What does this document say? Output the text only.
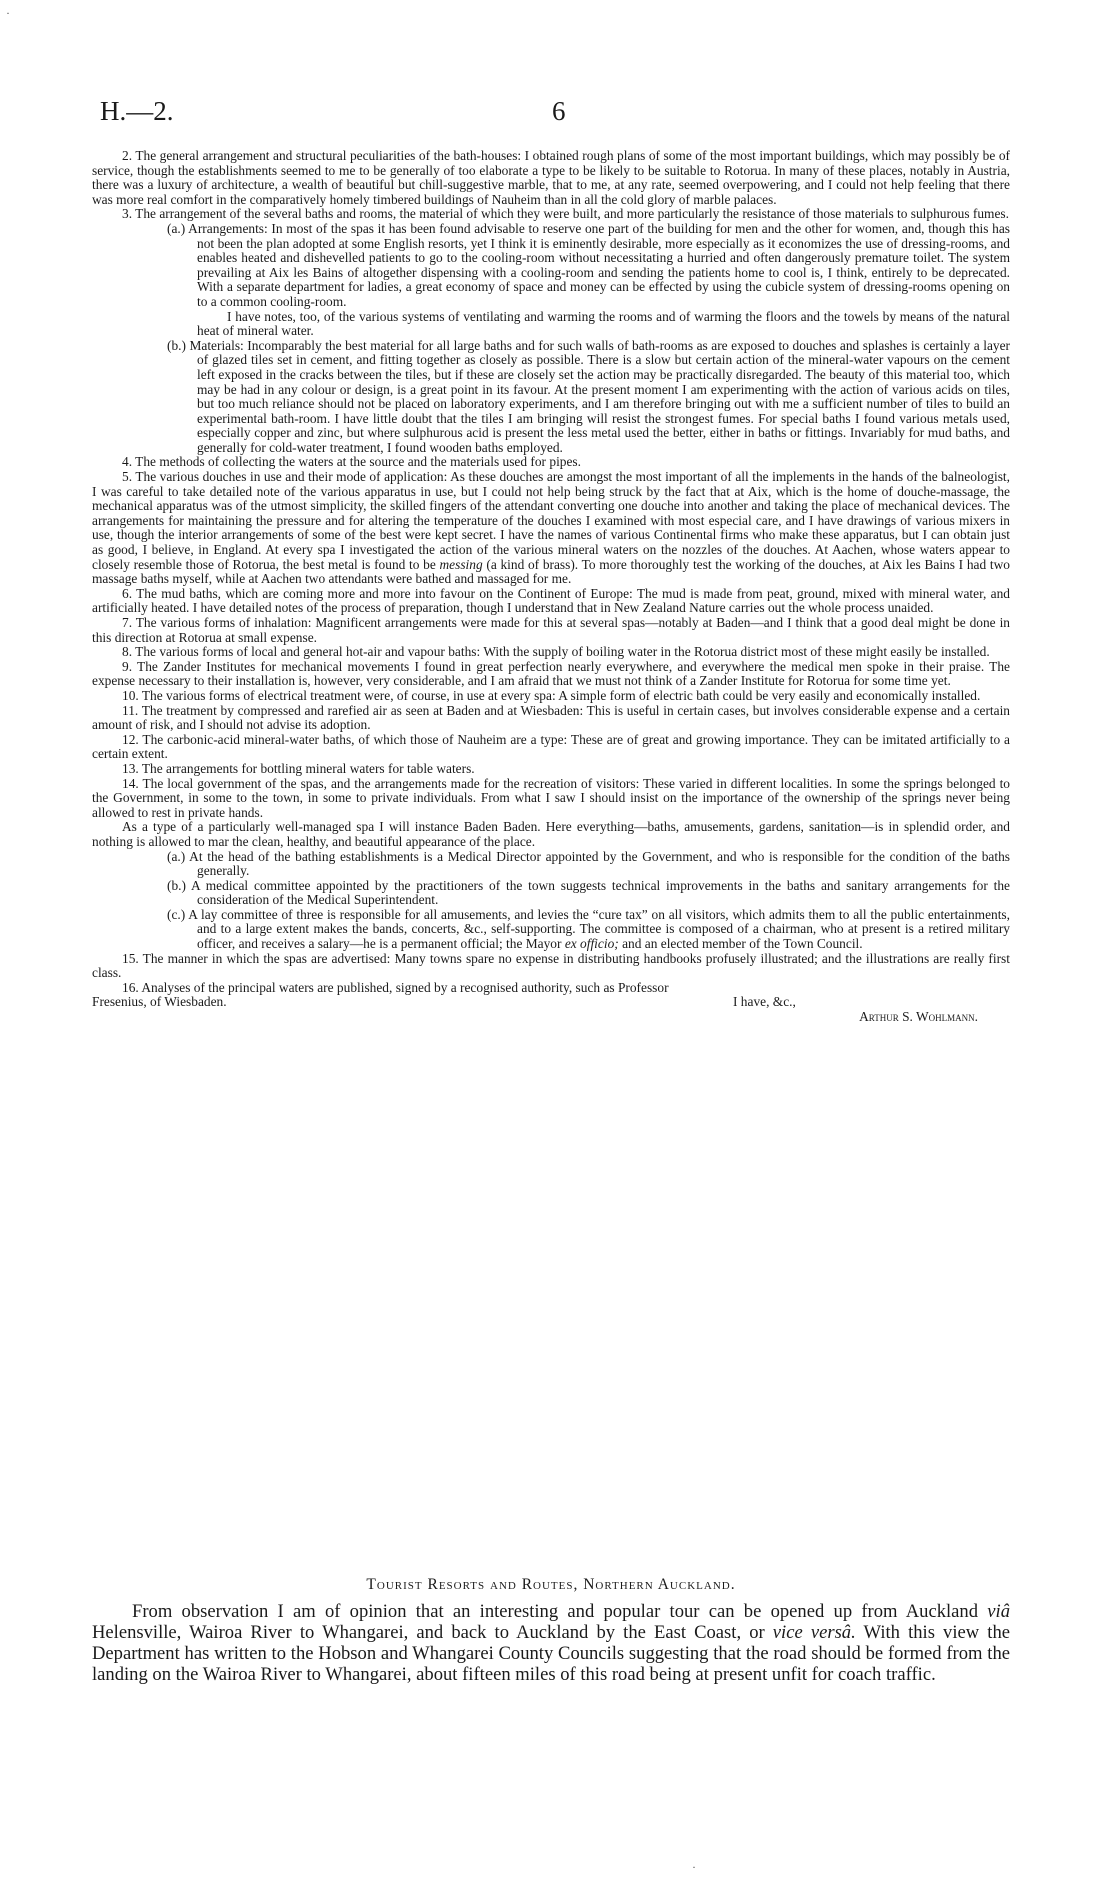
H.—2.	6

2. The general arrangement and structural peculiarities of the bath-houses: I obtained rough plans of some of the most important buildings, which may possibly be of service, though the establishments seemed to me to be generally of too elaborate a type to be likely to be suitable to Rotorua. In many of these places, notably in Austria, there was a luxury of architecture, a wealth of beautiful but chill-suggestive marble, that to me, at any rate, seemed overpowering, and I could not help feeling that there was more real comfort in the comparatively homely timbered buildings of Nauheim than in all the cold glory of marble palaces.

3. The arrangement of the several baths and rooms, the material of which they were built, and more particularly the resistance of those materials to sulphurous fumes.

(a.) Arrangements: In most of the spas it has been found advisable to reserve one part of the building for men and the other for women, and, though this has not been the plan adopted at some English resorts, yet I think it is eminently desirable, more especially as it economizes the use of dressing-rooms, and enables heated and dishevelled patients to go to the cooling-room without necessitating a hurried and often dangerously premature toilet. The system prevailing at Aix les Bains of altogether dispensing with a cooling-room and sending the patients home to cool is, I think, entirely to be deprecated. With a separate department for ladies, a great economy of space and money can be effected by using the cubicle system of dressing-rooms opening on to a common cooling-room.

I have notes, too, of the various systems of ventilating and warming the rooms and of warming the floors and the towels by means of the natural heat of mineral water.

(b.) Materials: Incomparably the best material for all large baths and for such walls of bath-rooms as are exposed to douches and splashes is certainly a layer of glazed tiles set in cement, and fitting together as closely as possible. There is a slow but certain action of the mineral-water vapours on the cement left exposed in the cracks between the tiles, but if these are closely set the action may be practically disregarded. The beauty of this material too, which may be had in any colour or design, is a great point in its favour. At the present moment I am experimenting with the action of various acids on tiles, but too much reliance should not be placed on laboratory experiments, and I am therefore bringing out with me a sufficient number of tiles to build an experimental bath-room. I have little doubt that the tiles I am bringing will resist the strongest fumes. For special baths I found various metals used, especially copper and zinc, but where sulphurous acid is present the less metal used the better, either in baths or fittings. Invariably for mud baths, and generally for cold-water treatment, I found wooden baths employed.

4. The methods of collecting the waters at the source and the materials used for pipes.

5. The various douches in use and their mode of application: As these douches are amongst the most important of all the implements in the hands of the balneologist, I was careful to take detailed note of the various apparatus in use, but I could not help being struck by the fact that at Aix, which is the home of douche-massage, the mechanical apparatus was of the utmost simplicity, the skilled fingers of the attendant converting one douche into another and taking the place of mechanical devices. The arrangements for maintaining the pressure and for altering the temperature of the douches I examined with most especial care, and I have drawings of various mixers in use, though the interior arrangements of some of the best were kept secret. I have the names of various Continental firms who make these apparatus, but I can obtain just as good, I believe, in England. At every spa I investigated the action of the various mineral waters on the nozzles of the douches. At Aachen, whose waters appear to closely resemble those of Rotorua, the best metal is found to be messing (a kind of brass). To more thoroughly test the working of the douches, at Aix les Bains I had two massage baths myself, while at Aachen two attendants were bathed and massaged for me.

6. The mud baths, which are coming more and more into favour on the Continent of Europe: The mud is made from peat, ground, mixed with mineral water, and artificially heated. I have detailed notes of the process of preparation, though I understand that in New Zealand Nature carries out the whole process unaided.

7. The various forms of inhalation: Magnificent arrangements were made for this at several spas—notably at Baden—and I think that a good deal might be done in this direction at Rotorua at small expense.

8. The various forms of local and general hot-air and vapour baths: With the supply of boiling water in the Rotorua district most of these might easily be installed.

9. The Zander Institutes for mechanical movements I found in great perfection nearly everywhere, and everywhere the medical men spoke in their praise. The expense necessary to their installation is, however, very considerable, and I am afraid that we must not think of a Zander Institute for Rotorua for some time yet.

10. The various forms of electrical treatment were, of course, in use at every spa: A simple form of electric bath could be very easily and economically installed.

11. The treatment by compressed and rarefied air as seen at Baden and at Wiesbaden: This is useful in certain cases, but involves considerable expense and a certain amount of risk, and I should not advise its adoption.

12. The carbonic-acid mineral-water baths, of which those of Nauheim are a type: These are of great and growing importance. They can be imitated artificially to a certain extent.

13. The arrangements for bottling mineral waters for table waters.

14. The local government of the spas, and the arrangements made for the recreation of visitors: These varied in different localities. In some the springs belonged to the Government, in some to the town, in some to private individuals. From what I saw I should insist on the importance of the ownership of the springs never being allowed to rest in private hands.

As a type of a particularly well-managed spa I will instance Baden Baden. Here everything—baths, amusements, gardens, sanitation—is in splendid order, and nothing is allowed to mar the clean, healthy, and beautiful appearance of the place.

(a.) At the head of the bathing establishments is a Medical Director appointed by the Government, and who is responsible for the condition of the baths generally.

(b.) A medical committee appointed by the practitioners of the town suggests technical improvements in the baths and sanitary arrangements for the consideration of the Medical Superintendent.

(c.) A lay committee of three is responsible for all amusements, and levies the “cure tax” on all visitors, which admits them to all the public entertainments, and to a large extent makes the bands, concerts, &c., self-supporting. The committee is composed of a chairman, who at present is a retired military officer, and receives a salary—he is a permanent official; the Mayor ex officio; and an elected member of the Town Council.

15. The manner in which the spas are advertised: Many towns spare no expense in distributing handbooks profusely illustrated; and the illustrations are really first class.

16. Analyses of the principal waters are published, signed by a recognised authority, such as Professor

Fresenius, of Wiesbaden.	I have, &c.,

Arthur S. Wohlmann.

Tourist Resorts and Routes, Northern Auckland.

From observation I am of opinion that an interesting and popular tour can be opened up from Auckland viâ Helensville, Wairoa River to Whangarei, and back to Auckland by the East Coast, or vice versâ. With this view the Department has written to the Hobson and Whangarei County Councils suggesting that the road should be formed from the landing on the Wairoa River to Whangarei, about fifteen miles of this road being at present unfit for coach traffic.

·
·
